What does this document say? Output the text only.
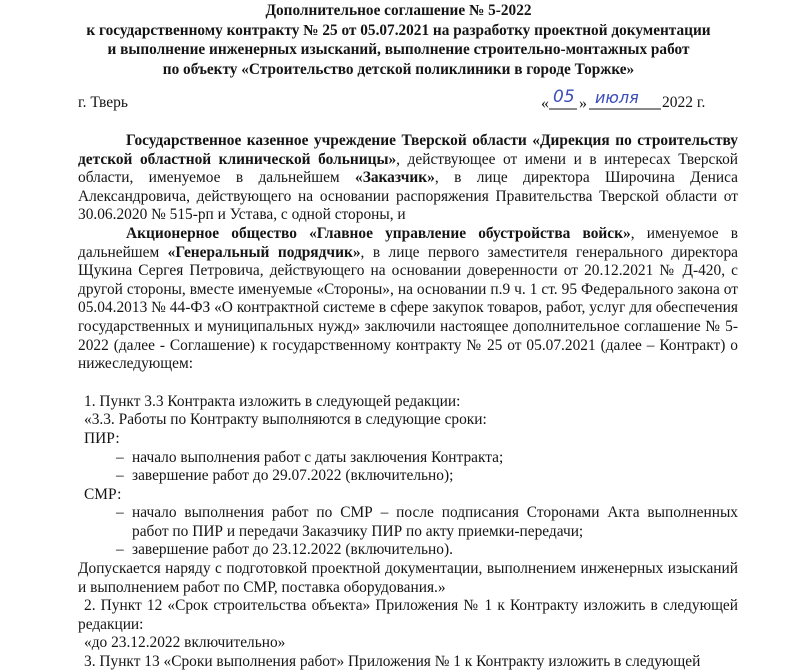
Дополнительное соглашение № 5-2022
к государственному контракту № 25 от 05.07.2021 на разработку проектной документации
и выполнение инженерных изысканий, выполнение строительно-монтажных работ
по объекту «Строительство детской поликлиники в городе Торжке»
г. Тверь	« 05 » июля 2022 г.
Государственное казенное учреждение Тверской области «Дирекция по строительству детской областной клинической больницы», действующее от имени и в интересах Тверской области, именуемое в дальнейшем «Заказчик», в лице директора Широчина Дениса Александровича, действующего на основании распоряжения Правительства Тверской области от 30.06.2020 № 515-рп и Устава, с одной стороны, и
Акционерное общество «Главное управление обустройства войск», именуемое в дальнейшем «Генеральный подрядчик», в лице первого заместителя генерального директора Щукина Сергея Петровича, действующего на основании доверенности от 20.12.2021 № Д-420, с другой стороны, вместе именуемые «Стороны», на основании п.9 ч. 1 ст. 95 Федерального закона от 05.04.2013 № 44-ФЗ «О контрактной системе в сфере закупок товаров, работ, услуг для обеспечения государственных и муниципальных нужд» заключили настоящее дополнительное соглашение № 5-2022 (далее - Соглашение) к государственному контракту № 25 от 05.07.2021 (далее – Контракт) о нижеследующем:
1. Пункт 3.3 Контракта изложить в следующей редакции:
«3.3. Работы по Контракту выполняются в следующие сроки:
ПИР:
– начало выполнения работ с даты заключения Контракта;
– завершение работ до 29.07.2022 (включительно);
СМР:
– начало выполнения работ по СМР – после подписания Сторонами Акта выполненных работ по ПИР и передачи Заказчику ПИР по акту приемки-передачи;
– завершение работ до 23.12.2022 (включительно).
Допускается наряду с подготовкой проектной документации, выполнением инженерных изысканий и выполнением работ по СМР, поставка оборудования.»
2. Пункт 12 «Срок строительства объекта» Приложения № 1 к Контракту изложить в следующей редакции:
«до 23.12.2022 включительно»
3. Пункт 13 «Сроки выполнения работ» Приложения № 1 к Контракту изложить в следующей
